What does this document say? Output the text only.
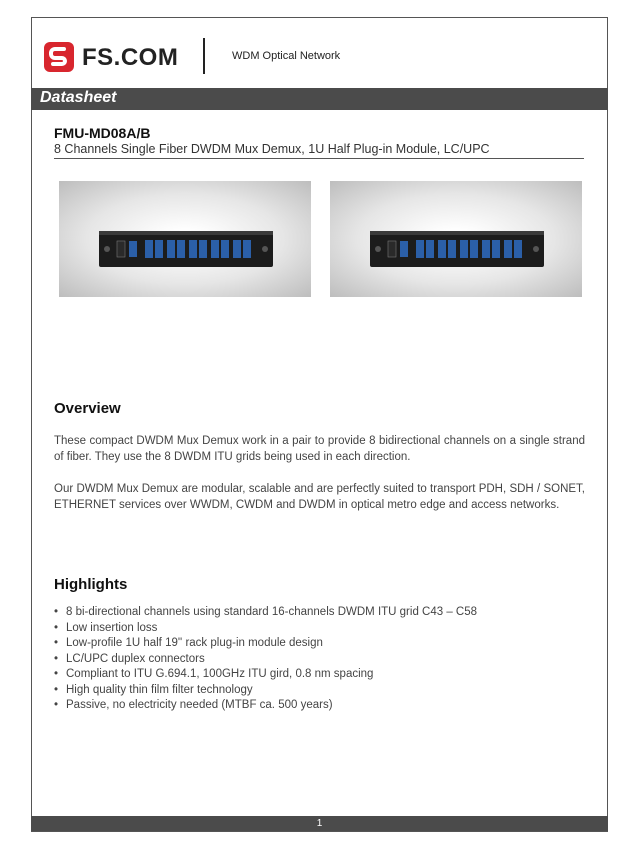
FS.COM	WDM Optical Network
Datasheet
FMU-MD08A/B
8 Channels Single Fiber DWDM Mux Demux, 1U Half Plug-in Module, LC/UPC
Overview

These compact DWDM Mux Demux work in a pair to provide 8 bidirectional channels on a single strand of fiber. They use the 8 DWDM ITU grids being used in each direction.

Our DWDM Mux Demux are modular, scalable and are perfectly suited to transport PDH, SDH / SONET, ETHERNET services over WWDM, CWDM and DWDM in optical metro edge and access networks.

Highlights
• 8 bi-directional channels using standard 16-channels DWDM ITU grid C43 – C58
• Low insertion loss
• Low-profile 1U half 19'' rack plug-in module design
• LC/UPC duplex connectors
• Compliant to ITU G.694.1, 100GHz ITU gird, 0.8 nm spacing
• High quality thin film filter technology
• Passive, no electricity needed (MTBF ca. 500 years)
1
